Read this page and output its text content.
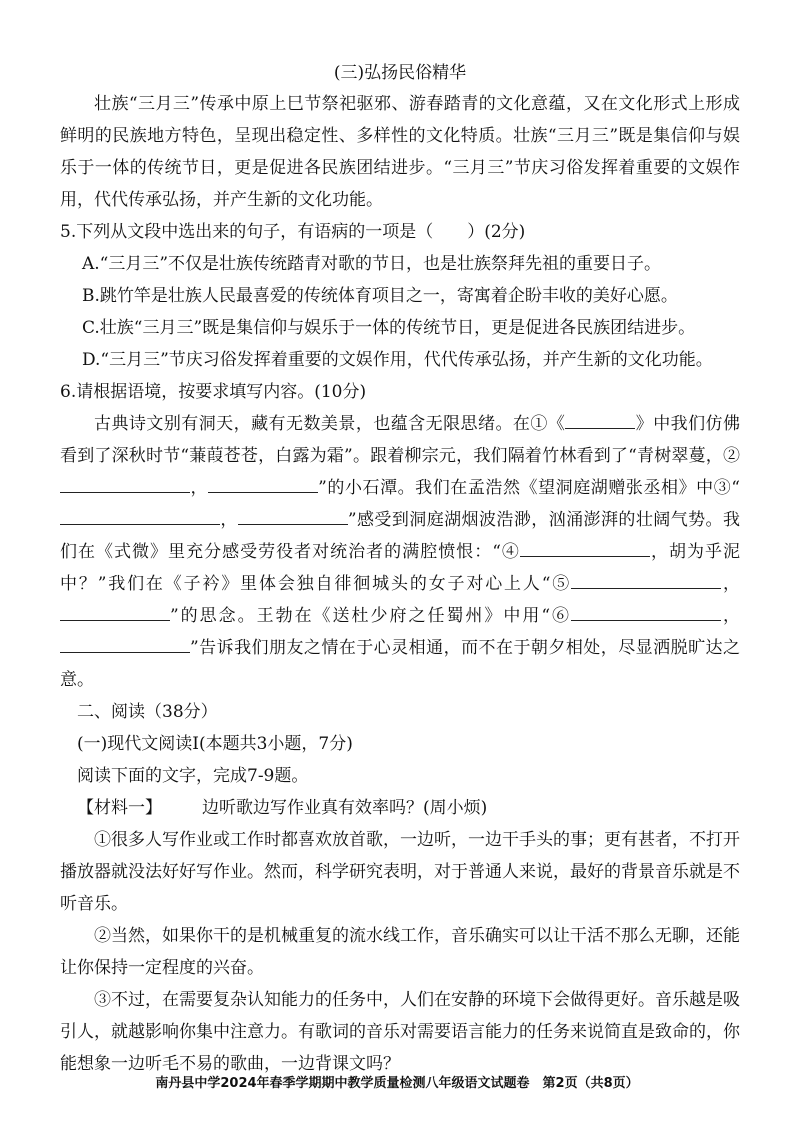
(三)弘扬民俗精华

壮族“三月三”传承中原上巳节祭祀驱邪、游春踏青的文化意蕴，又在文化形式上形成鲜明的民族地方特色，呈现出稳定性、多样性的文化特质。壮族“三月三”既是集信仰与娱乐于一体的传统节日，更是促进各民族团结进步。“三月三”节庆习俗发挥着重要的文娱作用，代代传承弘扬，并产生新的文化功能。

5.下列从文段中选出来的句子，有语病的一项是（　　）(2分)

A.“三月三”不仅是壮族传统踏青对歌的节日，也是壮族祭拜先祖的重要日子。

B.跳竹竿是壮族人民最喜爱的传统体育项目之一，寄寓着企盼丰收的美好心愿。

C.壮族“三月三”既是集信仰与娱乐于一体的传统节日，更是促进各民族团结进步。

D.“三月三”节庆习俗发挥着重要的文娱作用，代代传承弘扬，并产生新的文化功能。

6.请根据语境，按要求填写内容。(10分)

古典诗文别有洞天，藏有无数美景，也蕴含无限思绪。在①《	》中我们仿佛看到了深秋时节“蒹葭苍苍，白露为霜”。跟着柳宗元，我们隔着竹林看到了“青树翠蔓，②，	”的小石潭。我们在孟浩然《望洞庭湖赠张丞相》中③“，	”感受到洞庭湖烟波浩渺，汹涌澎湃的壮阔气势。我们在《式微》里充分感受劳役者对统治者的满腔愤恨：“④	，胡为乎泥中？”我们在《子衿》里体会独自徘徊城头的女子对心上人“⑤	，”的思念。王勃在《送杜少府之任蜀州》中用“⑥	，”告诉我们朋友之情在于心灵相通，而不在于朝夕相处，尽显洒脱旷达之意。

二、阅读（38分）

(一)现代文阅读Ⅰ(本题共3小题，7分)

阅读下面的文字，完成7-9题。

【材料一】 边听歌边写作业真有效率吗？(周小烦)

①很多人写作业或工作时都喜欢放首歌，一边听，一边干手头的事；更有甚者，不打开播放器就没法好好写作业。然而，科学研究表明，对于普通人来说，最好的背景音乐就是不听音乐。

②当然，如果你干的是机械重复的流水线工作，音乐确实可以让干活不那么无聊，还能让你保持一定程度的兴奋。

③不过，在需要复杂认知能力的任务中，人们在安静的环境下会做得更好。音乐越是吸引人，就越影响你集中注意力。有歌词的音乐对需要语言能力的任务来说简直是致命的，你能想象一边听毛不易的歌曲，一边背课文吗？

南丹县中学2024年春季学期期中教学质量检测八年级语文试题卷　第2页（共8页）
